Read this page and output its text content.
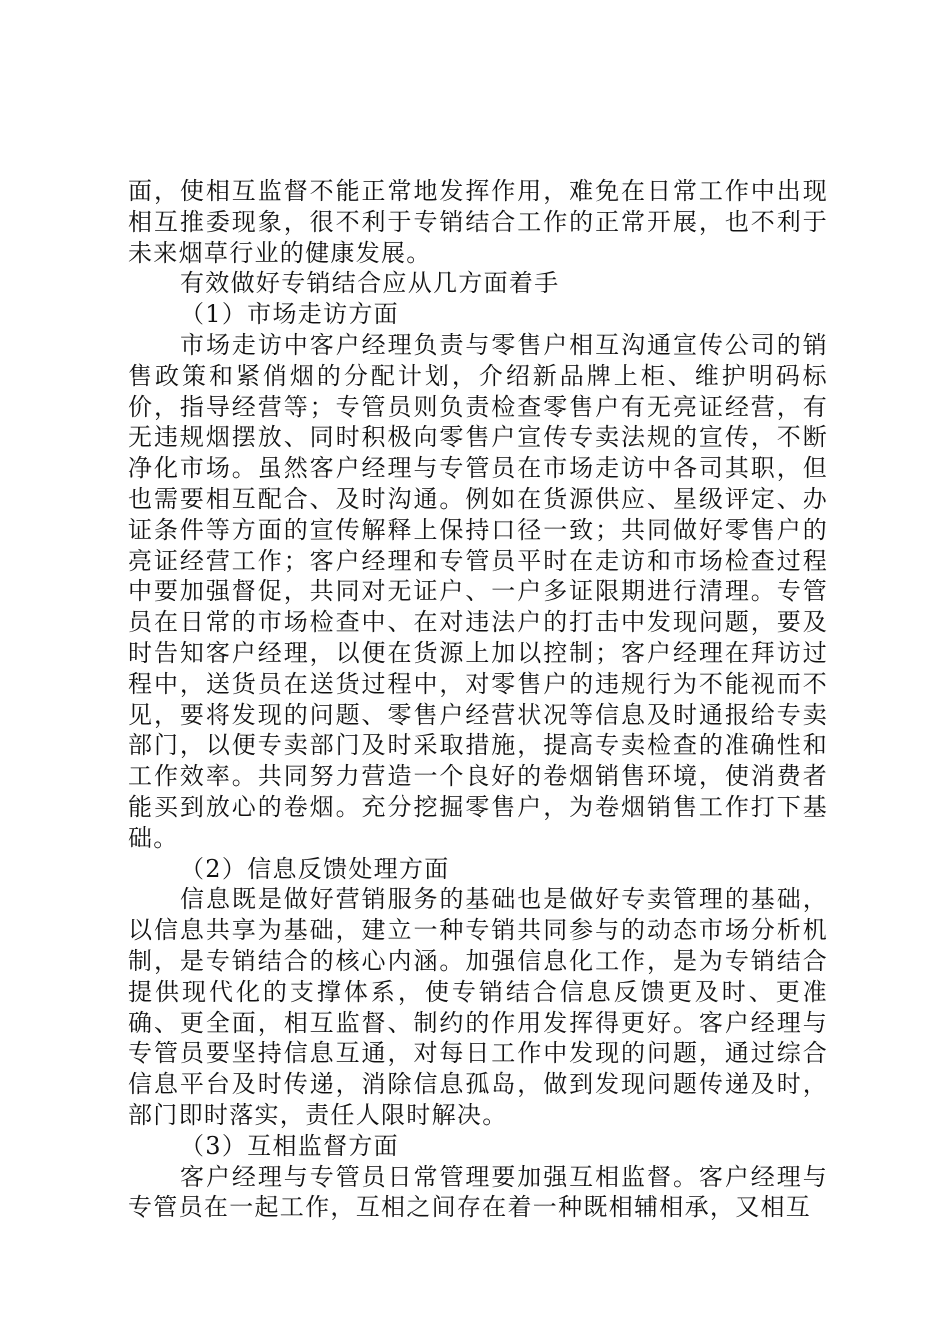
面，使相互监督不能正常地发挥作用，难免在日常工作中出现相互推委现象，很不利于专销结合工作的正常开展，也不利于未来烟草行业的健康发展。

有效做好专销结合应从几方面着手

（1）市场走访方面

市场走访中客户经理负责与零售户相互沟通宣传公司的销售政策和紧俏烟的分配计划，介绍新品牌上柜、维护明码标价，指导经营等；专管员则负责检查零售户有无亮证经营，有无违规烟摆放、同时积极向零售户宣传专卖法规的宣传，不断净化市场。虽然客户经理与专管员在市场走访中各司其职，但也需要相互配合、及时沟通。例如在货源供应、星级评定、办证条件等方面的宣传解释上保持口径一致；共同做好零售户的亮证经营工作；客户经理和专管员平时在走访和市场检查过程中要加强督促，共同对无证户、一户多证限期进行清理。专管员在日常的市场检查中、在对违法户的打击中发现问题，要及时告知客户经理，以便在货源上加以控制；客户经理在拜访过程中，送货员在送货过程中，对零售户的违规行为不能视而不见，要将发现的问题、零售户经营状况等信息及时通报给专卖部门，以便专卖部门及时采取措施，提高专卖检查的准确性和工作效率。共同努力营造一个良好的卷烟销售环境，使消费者能买到放心的卷烟。充分挖掘零售户，为卷烟销售工作打下基础。

（2）信息反馈处理方面

信息既是做好营销服务的基础也是做好专卖管理的基础，以信息共享为基础，建立一种专销共同参与的动态市场分析机制，是专销结合的核心内涵。加强信息化工作，是为专销结合提供现代化的支撑体系，使专销结合信息反馈更及时、更准确、更全面，相互监督、制约的作用发挥得更好。客户经理与专管员要坚持信息互通，对每日工作中发现的问题，通过综合信息平台及时传递，消除信息孤岛，做到发现问题传递及时，部门即时落实，责任人限时解决。

（3）互相监督方面

客户经理与专管员日常管理要加强互相监督。客户经理与专管员在一起工作，互相之间存在着一种既相辅相承，又相互
